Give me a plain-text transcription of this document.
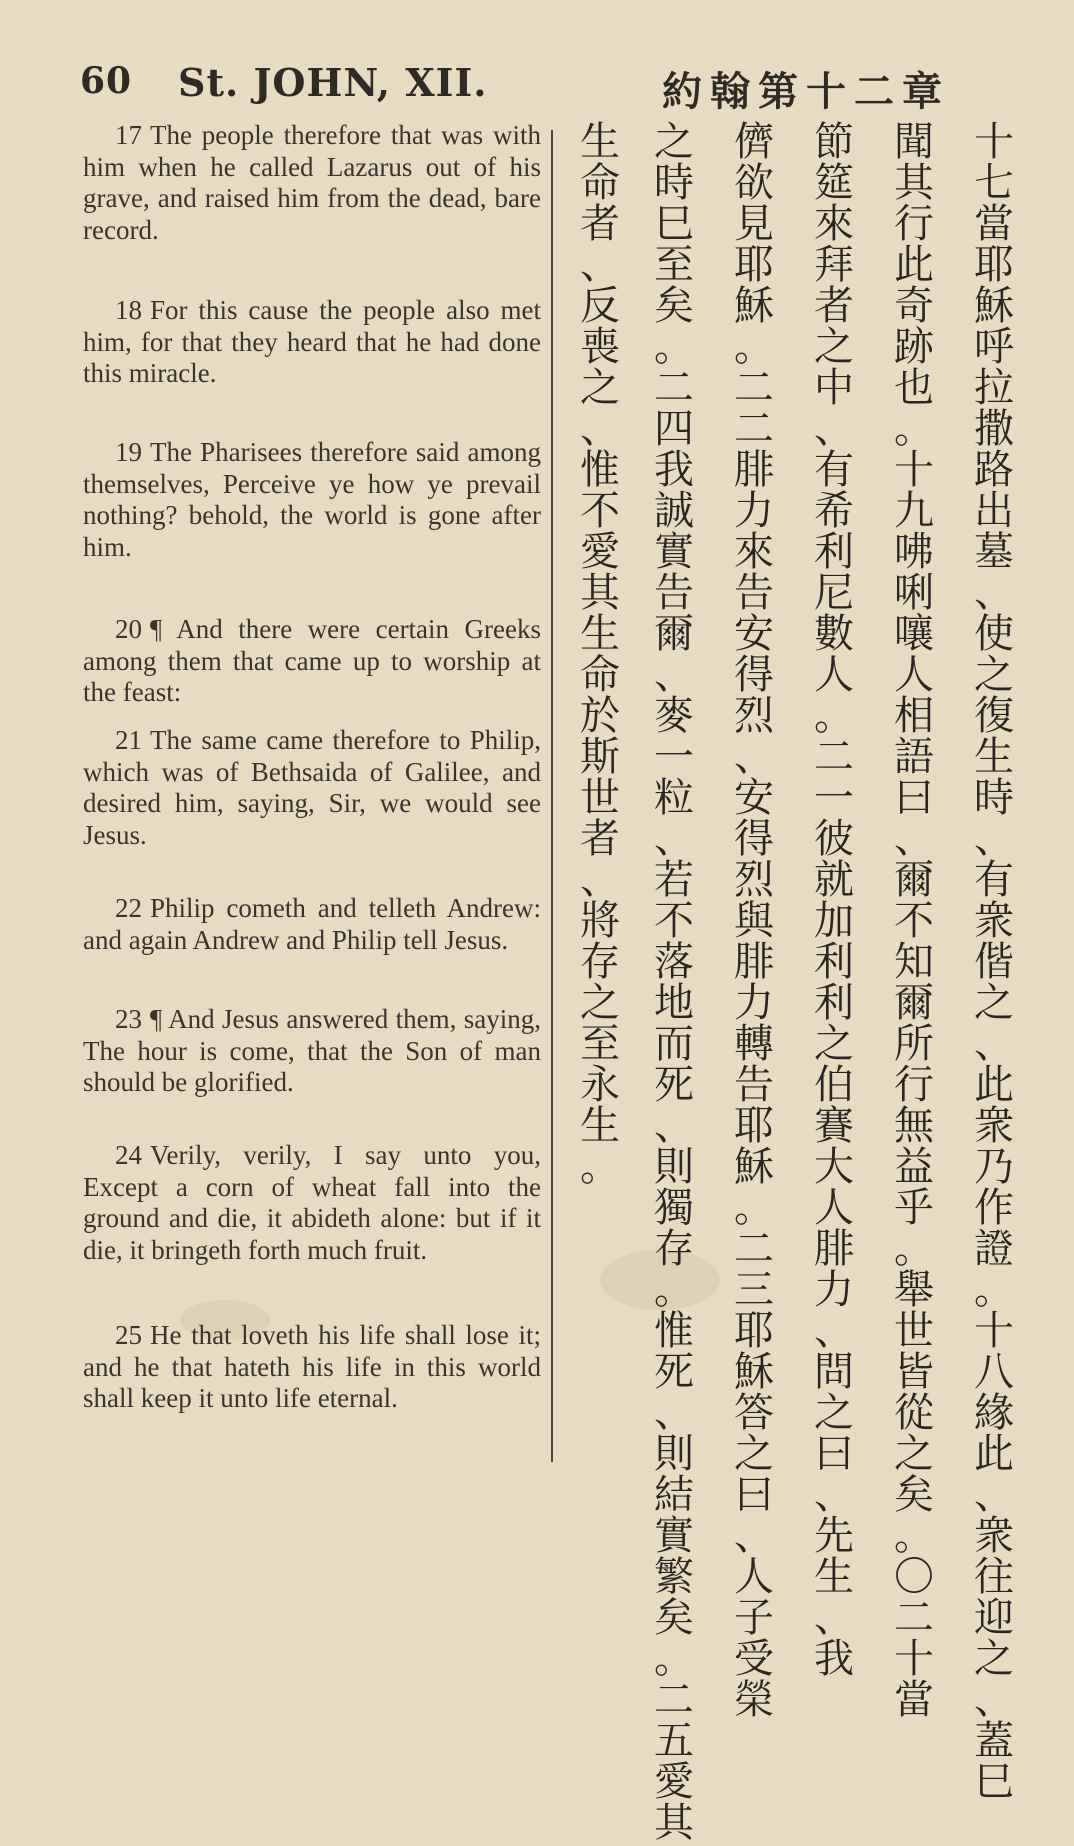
60 St. JOHN, XII.	約翰第十二章

17 The people therefore that was with him when he called Lazarus out of his grave, and raised him from the dead, bare record.

18 For this cause the people also met him, for that they heard that he had done this miracle.

19 The Pharisees therefore said among themselves, Perceive ye how ye prevail nothing? behold, the world is gone after him.

20 ¶ And there were certain Greeks among them that came up to worship at the feast:

21 The same came therefore to Philip, which was of Bethsaida of Galilee, and desired him, saying, Sir, we would see Jesus.

22 Philip cometh and telleth Andrew: and again Andrew and Philip tell Jesus.

23 ¶ And Jesus answered them, saying, The hour is come, that the Son of man should be glorified.

24 Verily, verily, I say unto you, Except a corn of wheat fall into the ground and die, it abideth alone: but if it die, it bringeth forth much fruit.

25 He that loveth his life shall lose it; and he that hateth his life in this world shall keep it unto life eternal.

十七當耶穌呼拉撒路出墓、使之復生時、有衆偕之、此衆乃作證。十八緣此、衆往迎之、蓋巳
聞其行此奇跡也。十九咈唎嚷人相語曰、爾不知爾所行無益乎。舉世皆從之矣。〇二十當
節筵來拜者之中、有希利尼數人。二一彼就加利利之伯賽大人腓力、問之曰、先生、我
儕欲見耶穌。二二腓力來告安得烈、安得烈與腓力轉告耶穌。二三耶穌答之曰、人子受榮
之時巳至矣。二四我誠實告爾、麥一粒、若不落地而死、則獨存。惟死、則結實繁矣。二五愛其
生命者、反喪之、惟不愛其生命於斯世者、將存之至永生。
